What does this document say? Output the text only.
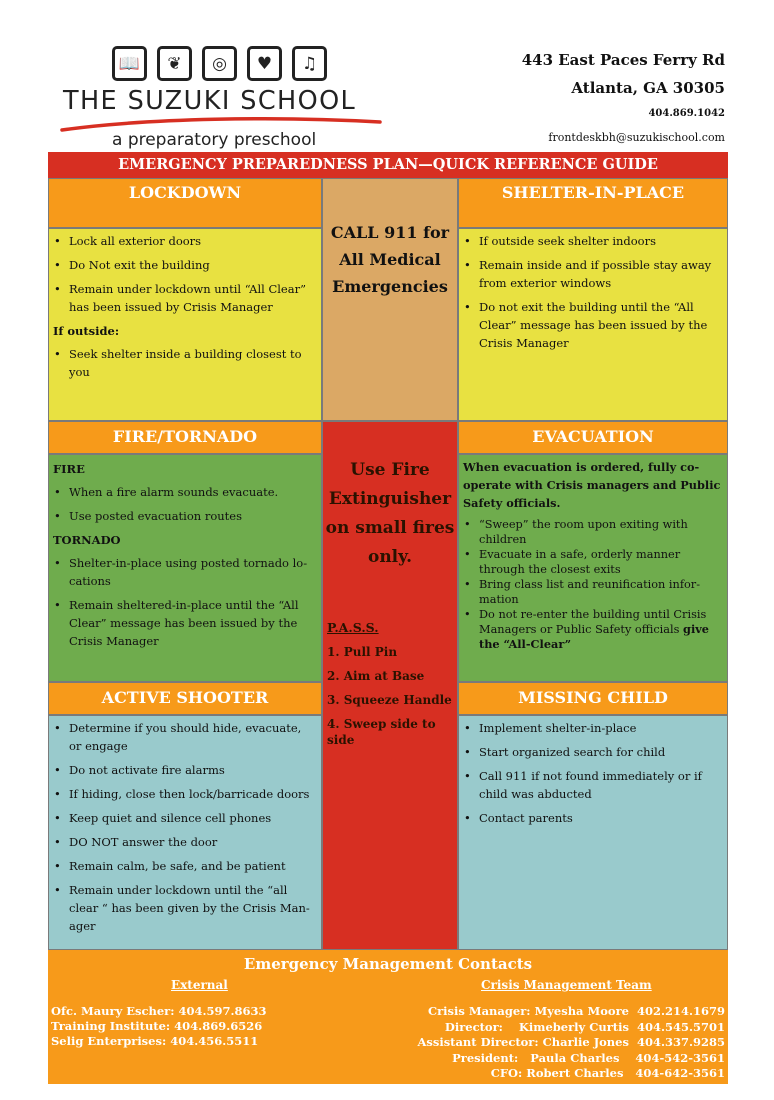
📖	❦	◎	♥	♫
THE SUZUKI SCHOOL
a preparatory preschool
443 East Paces Ferry Rd
Atlanta, GA 30305
404.869.1042
frontdeskbh@suzukischool.com
EMERGENCY PREPAREDNESS PLAN—QUICK REFERENCE GUIDE
LOCKDOWN
• Lock all exterior doors
• Do Not exit the building
• Remain under lockdown until “All Clear” has been issued by Crisis Manager
If outside:
• Seek shelter inside a building closest to you
CALL 911 for All Medical Emergencies
SHELTER-IN-PLACE
• If outside seek shelter indoors
• Remain inside and if possible stay away from exterior windows
• Do not exit the building until the “All Clear” message has been issued by the Crisis Manager
FIRE/TORNADO
FIRE
• When a fire alarm sounds evacuate.
• Use posted evacuation routes
TORNADO
• Shelter-in-place using posted tornado lo-cations
• Remain sheltered-in-place until the “All Clear” message has been issued by the Crisis Manager
Use Fire Extinguisher on small fires only.
P.A.S.S.
1. Pull Pin
2. Aim at Base
3. Squeeze Handle
4. Sweep side to side
EVACUATION
When evacuation is ordered, fully co-operate with Crisis managers and Public Safety officials.
• “Sweep” the room upon exiting with children
• Evacuate in a safe, orderly manner through the closest exits
• Bring class list and reunification infor-mation
• Do not re-enter the building until Crisis Managers or Public Safety officials give the “All-Clear”
ACTIVE SHOOTER
• Determine if you should hide, evacuate, or engage
• Do not activate fire alarms
• If hiding, close then lock/barricade doors
• Keep quiet and silence cell phones
• DO NOT answer the door
• Remain calm, be safe, and be patient
• Remain under lockdown until the “all clear “ has been given by the Crisis Man-ager
MISSING CHILD
• Implement shelter-in-place
• Start organized search for child
• Call 911 if not found immediately or if child was abducted
• Contact parents
Emergency Management Contacts
External	Crisis Management Team
Ofc. Maury Escher: 404.597.8633
Training Institute: 404.869.6526
Selig Enterprises: 404.456.5511
Crisis Manager: Myesha Moore  402.214.1679
Director:    Kimeberly Curtis  404.545.5701
Assistant Director: Charlie Jones  404.337.9285
President:   Paula Charles    404-542-3561
CFO: Robert Charles   404-642-3561
